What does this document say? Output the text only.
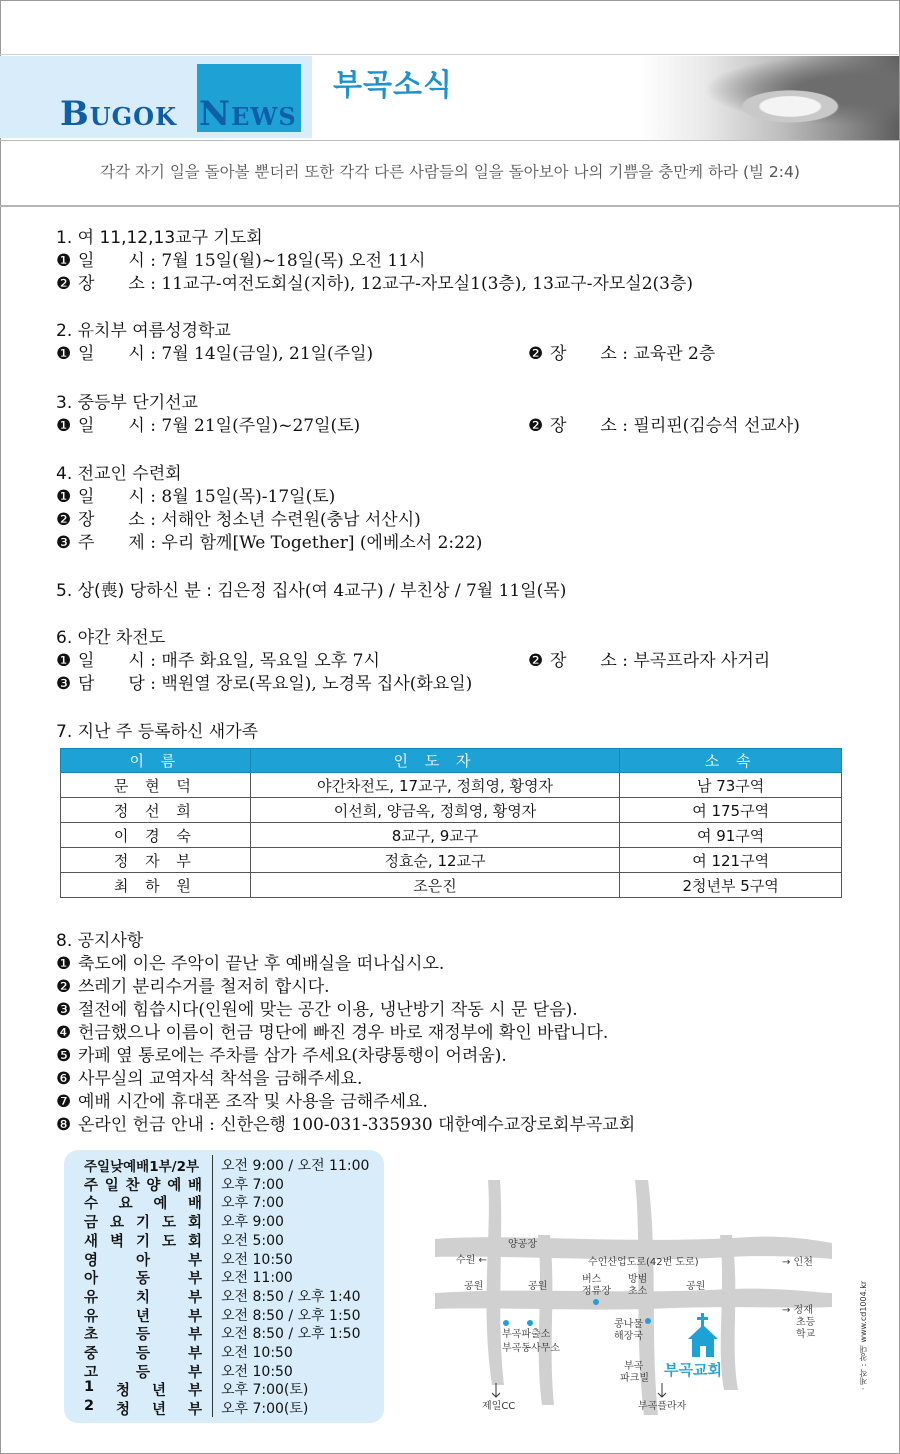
Bugok News
부곡소식
각각 자기 일을 돌아볼 뿐더러 또한 각각 다른 사람들의 일을 돌아보아 나의 기쁨을 충만케 하라 (빌 2:4)
1. 여 11,12,13교구 기도회
❶ 일　　시 : 7월 15일(월)~18일(목) 오전 11시
❷ 장　　소 : 11교구-여전도회실(지하), 12교구-자모실1(3층), 13교구-자모실2(3층)
2. 유치부 여름성경학교
❶ 일　　시 : 7월 14일(금일), 21일(주일)	❷ 장　　소 : 교육관 2층
3. 중등부 단기선교
❶ 일　　시 : 7월 21일(주일)~27일(토)	❷ 장　　소 : 필리핀(김승석 선교사)
4. 전교인 수련회
❶ 일　　시 : 8월 15일(목)-17일(토)
❷ 장　　소 : 서해안 청소년 수련원(충남 서산시)
❸ 주　　제 : 우리 함께[We Together] (에베소서 2:22)
5. 상(喪) 당하신 분 : 김은정 집사(여 4교구) / 부친상 / 7월 11일(목)
6. 야간 차전도
❶ 일　　시 : 매주 화요일, 목요일 오후 7시	❷ 장　　소 : 부곡프라자 사거리
❸ 담　　당 : 백원열 장로(목요일), 노경목 집사(화요일)
7. 지난 주 등록하신 새가족
8. 공지사항
❶ 축도에 이은 주악이 끝난 후 예배실을 떠나십시오.
❷ 쓰레기 분리수거를 철저히 합시다.
❸ 절전에 힘씁시다(인원에 맞는 공간 이용, 냉난방기 작동 시 문 닫음).
❹ 헌금했으나 이름이 헌금 명단에 빠진 경우 바로 재정부에 확인 바랍니다.
❺ 카페 옆 통로에는 주차를 삼가 주세요(차량통행이 어려움).
❻ 사무실의 교역자석 착석을 금해주세요.
❼ 예배 시간에 휴대폰 조작 및 사용을 금해주세요.
❽ 온라인 헌금 안내 : 신한은행 100-031-335930 대한예수교장로회부곡교회
이 름	인 도 자	소 속
문 현 덕	야간차전도, 17교구, 정희영, 황영자	남 73구역
정 선 희	이선희, 양금옥, 정희영, 황영자	여 175구역
이 경 숙	8교구, 9교구	여 91구역
정 자 부	정효순, 12교구	여 121구역
최 하 원	조은진	2청년부 5구역
주일낮예배1부/2부 오전 9:00 / 오전 11:00
주 일 찬 양 예 배 오후 7:00
수 요 예 배 오후 7:00
금 요 기 도 회 오후 9:00
새 벽 기 도 회 오전 5:00
영	아	부 오전 10:50
아	동	부 오전 11:00
유	치	부 오전 8:50 / 오후 1:40
유	년	부 오전 8:50 / 오후 1:50
초	등	부 오전 8:50 / 오후 1:50
중	등	부 오전 10:50
고	등	부 오전 10:50
1 청 년 부 오후 7:00(토)
2 청 년 부 오후 7:00(토)
양공장
수원 ←	수인산업도로(42번 도로)	→ 인천
공원	공원
버스
정류장
방범
초소	공원
→ 정재
초등
학교
부곡파출소
부곡동사무소
콩나물
해장국
부곡
파크빌
제일CC	부곡플라자
부곡교회	· 제작 : 창대 www.cd1004.kr
